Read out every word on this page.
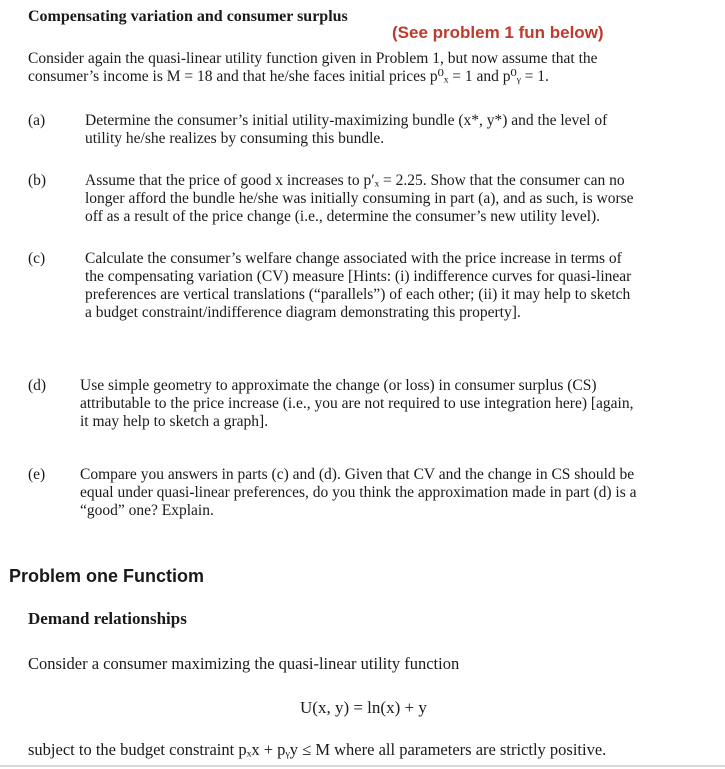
Compensating variation and consumer surplus
(See problem 1 fun below)
Consider again the quasi-linear utility function given in Problem 1, but now assume that the
consumer’s income is M = 18 and that he/she faces initial prices p⁰ₓ = 1 and p⁰ᵧ = 1.
(a)	Determine the consumer’s initial utility-maximizing bundle (x*, y*) and the level of
utility he/she realizes by consuming this bundle.
(b)	Assume that the price of good x increases to p′ₓ = 2.25. Show that the consumer can no
longer afford the bundle he/she was initially consuming in part (a), and as such, is worse
off as a result of the price change (i.e., determine the consumer’s new utility level).
(c)	Calculate the consumer’s welfare change associated with the price increase in terms of
the compensating variation (CV) measure [Hints: (i) indifference curves for quasi-linear
preferences are vertical translations (“parallels”) of each other; (ii) it may help to sketch
a budget constraint/indifference diagram demonstrating this property].
(d) Use simple geometry to approximate the change (or loss) in consumer surplus (CS)
attributable to the price increase (i.e., you are not required to use integration here) [again,
it may help to sketch a graph].
(e) Compare you answers in parts (c) and (d). Given that CV and the change in CS should be
equal under quasi-linear preferences, do you think the approximation made in part (d) is a
“good” one? Explain.
Problem one Functiom
Demand relationships
Consider a consumer maximizing the quasi-linear utility function
U(x, y) = ln(x) + y
subject to the budget constraint pₓx + pᵧy ≤ M where all parameters are strictly positive.
